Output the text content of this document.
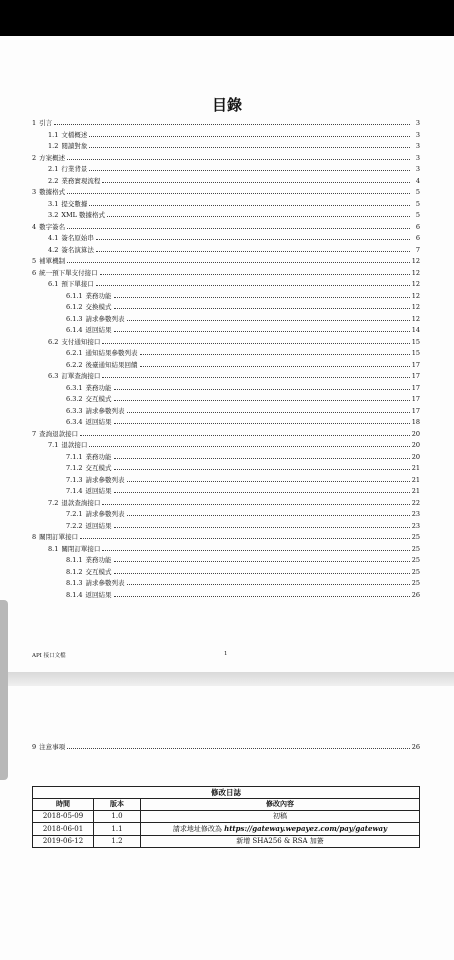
目錄
1 引言	3
1.1 文檔概述	3
1.2 閱讀對象	3
2 方案概述	3
2.1 行業背景	3
2.2 業務實現流程	4
3 數據格式	5
3.1 提交數據	5
3.2 XML 數據格式	5
4 數字簽名	6
4.1 簽名原始串	6
4.2 簽名演算法	7
5 補單機制	12
6 統一預下單支付接口	12
6.1 預下單接口	12
6.1.1 業務功能	12
6.1.2 交換模式	12
6.1.3 請求參數列表	12
6.1.4 返回結果	14
6.2 支付通知接口	15
6.2.1 通知結果參數列表	15
6.2.2 後臺通知結果回饋	17
6.3 訂單查詢接口	17
6.3.1 業務功能	17
6.3.2 交互模式	17
6.3.3 請求參數列表	17
6.3.4 返回結果	18
7 查詢退款接口	20
7.1 退款接口	20
7.1.1 業務功能	20
7.1.2 交互模式	21
7.1.3 請求參數列表	21
7.1.4 返回結果	21
7.2 退款查詢接口	22
7.2.1 請求參數列表	23
7.2.2 返回結果	23
8 關閉訂單接口	25
8.1 關閉訂單接口	25
8.1.1 業務功能	25
8.1.2 交互模式	25
8.1.3 請求參數列表	25
8.1.4 返回結果	26
API 接口文檔	1
9 注意事項	26
修改日誌		
時間	版本	修改內容
2018-05-09	1.0	初稿
2018-06-01	1.1	請求地址修改為 https://gateway.wepayez.com/pay/gateway
2019-06-12	1.2	新增 SHA256 & RSA 加簽
